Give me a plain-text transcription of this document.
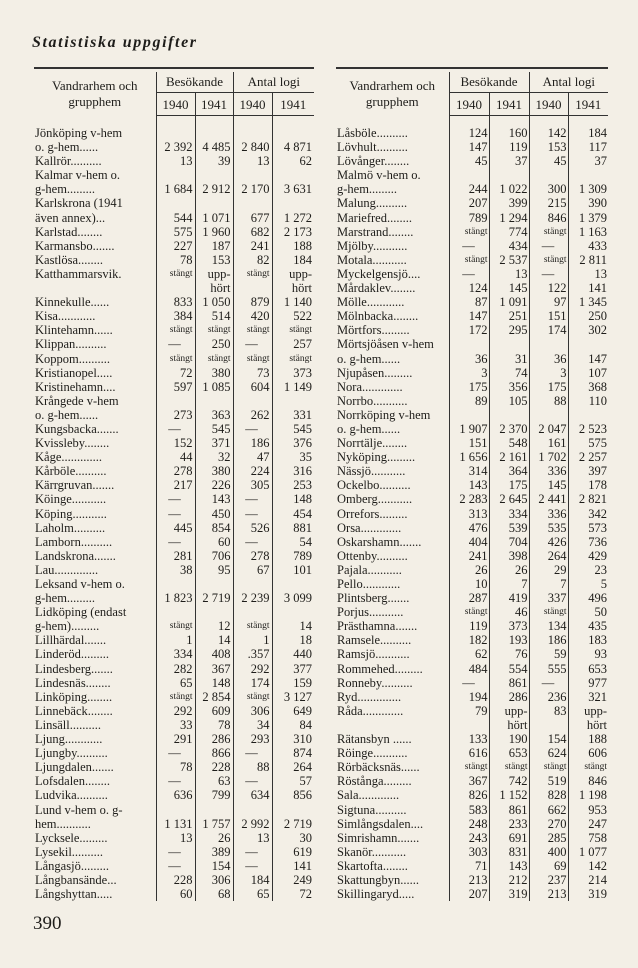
Statistiska uppgifter
Vandrarhem och grupphem	Besökande		Antal logi	
	1940	1941	1940	1941

Jönköping v-hem				
o. g-hem......	2 392	4 485	2 840	4 871
Kallrör..........	13	39	13	62
Kalmar v-hem o.				
g-hem.........	1 684	2 912	2 170	3 631
Karlskrona (1941				
även annex)...	544	1 071	677	1 272
Karlstad........	575	1 960	682	2 173
Karmansbo.......	227	187	241	188
Kastlösa........	78	153	82	184
Katthammarsvik.	stängt	upp-	stängt	upp-
		hört		hört
Kinnekulle......	833	1 050	879	1 140
Kisa............	384	514	420	522
Klintehamn......	stängt	stängt	stängt	stängt
Klippan..........	—	250	—	257
Koppom..........	stängt	stängt	stängt	stängt
Kristianopel.....	72	380	73	373
Kristinehamn....	597	1 085	604	1 149
Krångede v-hem				
o. g-hem......	273	363	262	331
Kungsbacka.......	—	545	—	545
Kvissleby........	152	371	186	376
Kåge.............	44	32	47	35
Kårböle..........	278	380	224	316
Kärrgruvan.......	217	226	305	253
Köinge...........	—	143	—	148
Köping...........	—	450	—	454
Laholm..........	445	854	526	881
Lamborn..........	—	60	—	54
Landskrona.......	281	706	278	789
Lau..............	38	95	67	101
Leksand v-hem o.				
g-hem.........	1 823	2 719	2 239	3 099
Lidköping (endast				
g-hem).........	stängt	12	stängt	14
Lillhärdal.......	1	14	1	18
Linderöd.........	334	408	.357	440
Lindesberg.......	282	367	292	377
Lindesnäs........	65	148	174	159
Linköping........	stängt	2 854	stängt	3 127
Linnebäck........	292	609	306	649
Linsäll..........	33	78	34	84
Ljung............	291	286	293	310
Ljungby..........	—	866	—	874
Ljungdalen.......	78	228	88	264
Lofsdalen........	—	63	—	57
Ludvika..........	636	799	634	856
Lund v-hem o. g-				
hem...........	1 131	1 757	2 992	2 719
Lycksele.........	13	26	13	30
Lysekil..........	—	389	—	619
Långasjö.........	—	154	—	141
Långbansände...	228	306	184	249
Långshyttan.....	60	68	65	72
Vandrarhem och grupphem	Besökande		Antal logi	
	1940	1941	1940	1941

Låsböle..........	124	160	142	184
Lövhult..........	147	119	153	117
Lövånger........	45	37	45	37
Malmö v-hem o.				
g-hem.........	244	1 022	300	1 309
Malung..........	207	399	215	390
Mariefred........	789	1 294	846	1 379
Marstrand........	stängt	774	stängt	1 163
Mjölby...........	—	434	—	433
Motala...........	stängt	2 537	stängt	2 811
Myckelgensjö....	—	13	—	13
Mårdaklev........	124	145	122	141
Mölle............	87	1 091	97	1 345
Mölnbacka........	147	251	151	250
Mörtfors.........	172	295	174	302
Mörtsjöåsen v-hem				
o. g-hem......	36	31	36	147
Njupåsen.........	3	74	3	107
Nora.............	175	356	175	368
Norrbo...........	89	105	88	110
Norrköping v-hem				
o. g-hem......	1 907	2 370	2 047	2 523
Norrtälje........	151	548	161	575
Nyköping.........	1 656	2 161	1 702	2 257
Nässjö...........	314	364	336	397
Ockelbo..........	143	175	145	178
Omberg...........	2 283	2 645	2 441	2 821
Orrefors.........	313	334	336	342
Orsa.............	476	539	535	573
Oskarshamn.......	404	704	426	736
Ottenby..........	241	398	264	429
Pajala...........	26	26	29	23
Pello............	10	7	7	5
Plintsberg.......	287	419	337	496
Porjus...........	stängt	46	stängt	50
Prästhamna.......	119	373	134	435
Ramsele..........	182	193	186	183
Ramsjö...........	62	76	59	93
Rommehed.........	484	554	555	653
Ronneby..........	—	861	—	977
Ryd..............	194	286	236	321
Råda.............	79	upp-	83	upp-
		hört		hört
Rätansbyn ......	133	190	154	188
Röinge...........	616	653	624	606
Rörbäcksnäs......	stängt	stängt	stängt	stängt
Röstånga.........	367	742	519	846
Sala.............	826	1 152	828	1 198
Sigtuna..........	583	861	662	953
Simlångsdalen....	248	233	270	247
Simrishamn.......	243	691	285	758
Skanör...........	303	831	400	1 077
Skartofta........	71	143	69	142
Skattungbyn......	213	212	237	214
Skillingaryd.....	207	319	213	319
390
